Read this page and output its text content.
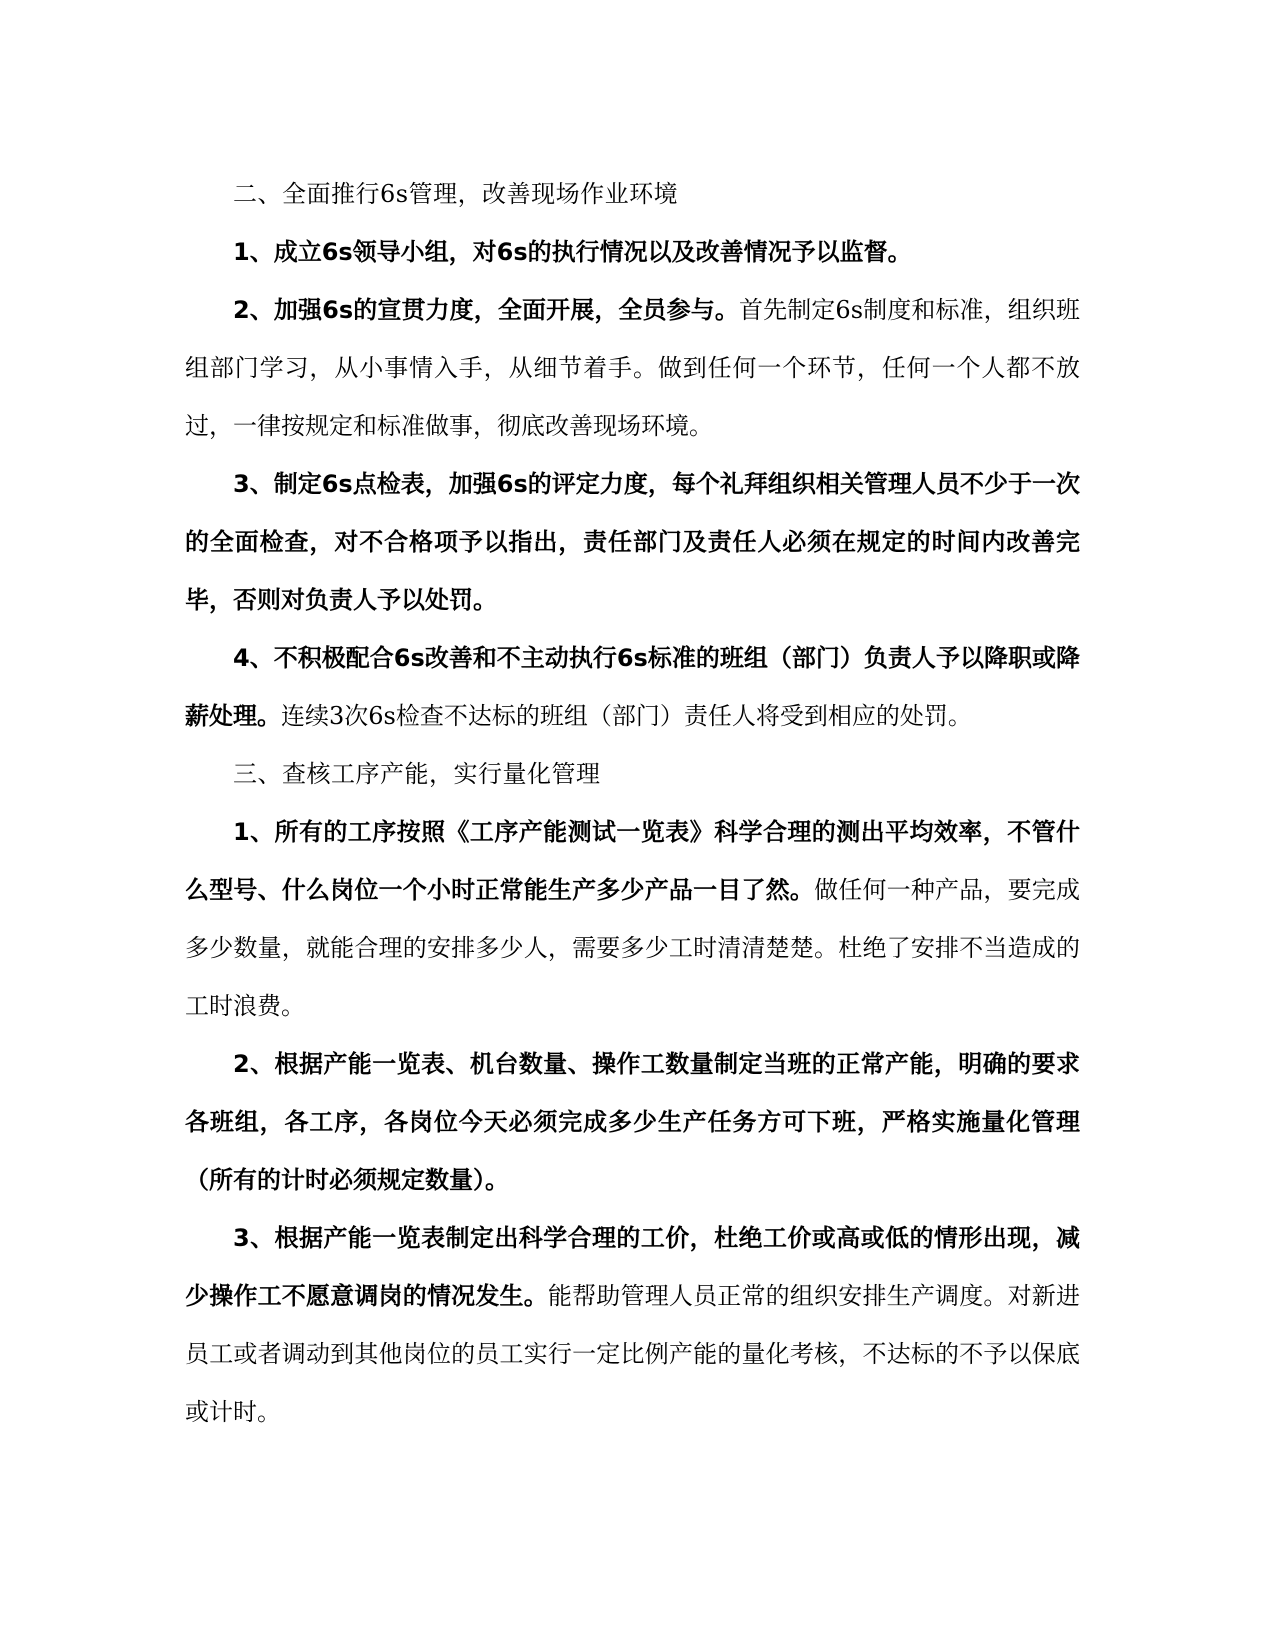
二、全面推行6s管理，改善现场作业环境

1、成立6s领导小组，对6s的执行情况以及改善情况予以监督。

2、加强6s的宣贯力度，全面开展，全员参与。首先制定6s制度和标准，组织班组部门学习，从小事情入手，从细节着手。做到任何一个环节，任何一个人都不放过，一律按规定和标准做事，彻底改善现场环境。

3、制定6s点检表，加强6s的评定力度，每个礼拜组织相关管理人员不少于一次的全面检查，对不合格项予以指出，责任部门及责任人必须在规定的时间内改善完毕，否则对负责人予以处罚。

4、不积极配合6s改善和不主动执行6s标准的班组（部门）负责人予以降职或降薪处理。连续3次6s检查不达标的班组（部门）责任人将受到相应的处罚。

三、查核工序产能，实行量化管理

1、所有的工序按照《工序产能测试一览表》科学合理的测出平均效率，不管什么型号、什么岗位一个小时正常能生产多少产品一目了然。做任何一种产品，要完成多少数量，就能合理的安排多少人，需要多少工时清清楚楚。杜绝了安排不当造成的工时浪费。

2、根据产能一览表、机台数量、操作工数量制定当班的正常产能，明确的要求各班组，各工序，各岗位今天必须完成多少生产任务方可下班，严格实施量化管理（所有的计时必须规定数量）。

3、根据产能一览表制定出科学合理的工价，杜绝工价或高或低的情形出现，减少操作工不愿意调岗的情况发生。能帮助管理人员正常的组织安排生产调度。对新进员工或者调动到其他岗位的员工实行一定比例产能的量化考核，不达标的不予以保底或计时。
